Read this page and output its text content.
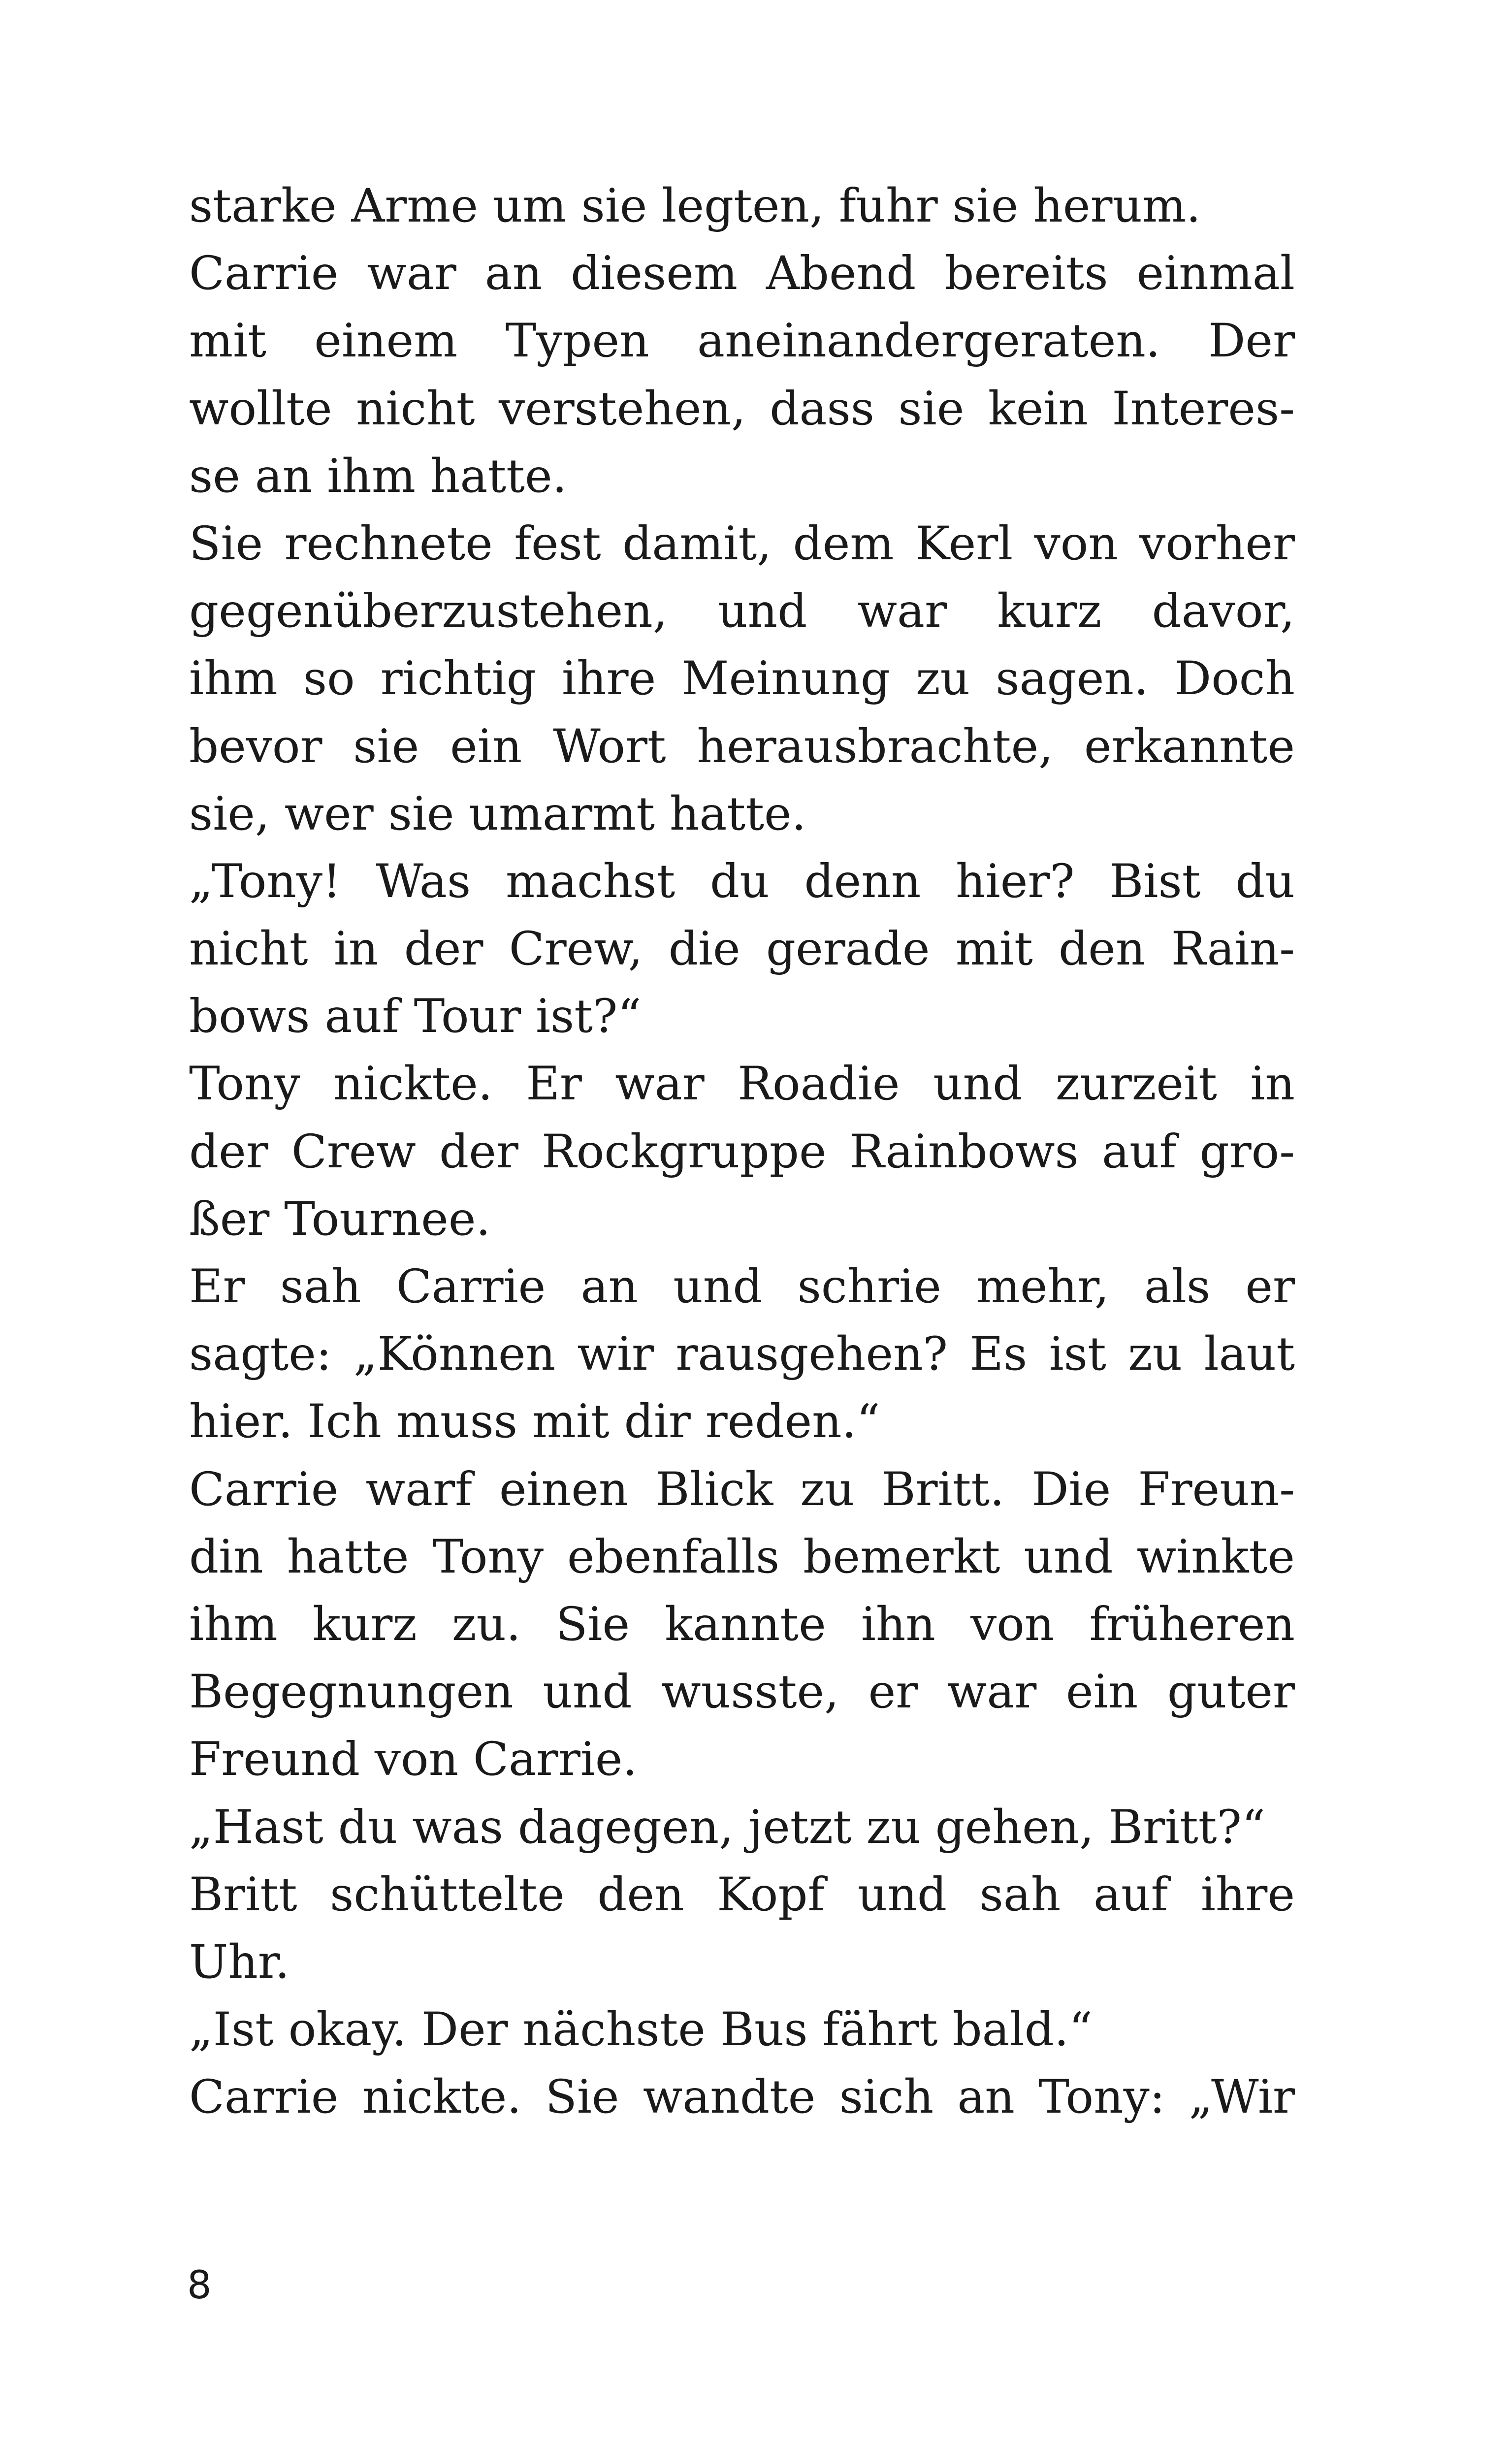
starke Arme um sie legten, fuhr sie herum.
Carrie war an diesem Abend bereits einmal
mit einem Typen aneinandergeraten. Der
wollte nicht verstehen, dass sie kein Interes-
se an ihm hatte.
Sie rechnete fest damit, dem Kerl von vorher
gegenüberzustehen, und war kurz davor,
ihm so richtig ihre Meinung zu sagen. Doch
bevor sie ein Wort herausbrachte, erkannte
sie, wer sie umarmt hatte.
„Tony! Was machst du denn hier? Bist du
nicht in der Crew, die gerade mit den Rain-
bows auf Tour ist?“
Tony nickte. Er war Roadie und zurzeit in
der Crew der Rockgruppe Rainbows auf gro-
ßer Tournee.
Er sah Carrie an und schrie mehr, als er
sagte: „Können wir rausgehen? Es ist zu laut
hier. Ich muss mit dir reden.“
Carrie warf einen Blick zu Britt. Die Freun-
din hatte Tony ebenfalls bemerkt und winkte
ihm kurz zu. Sie kannte ihn von früheren
Begegnungen und wusste, er war ein guter
Freund von Carrie.
„Hast du was dagegen, jetzt zu gehen, Britt?“
Britt schüttelte den Kopf und sah auf ihre
Uhr.
„Ist okay. Der nächste Bus fährt bald.“
Carrie nickte. Sie wandte sich an Tony: „Wir
8
